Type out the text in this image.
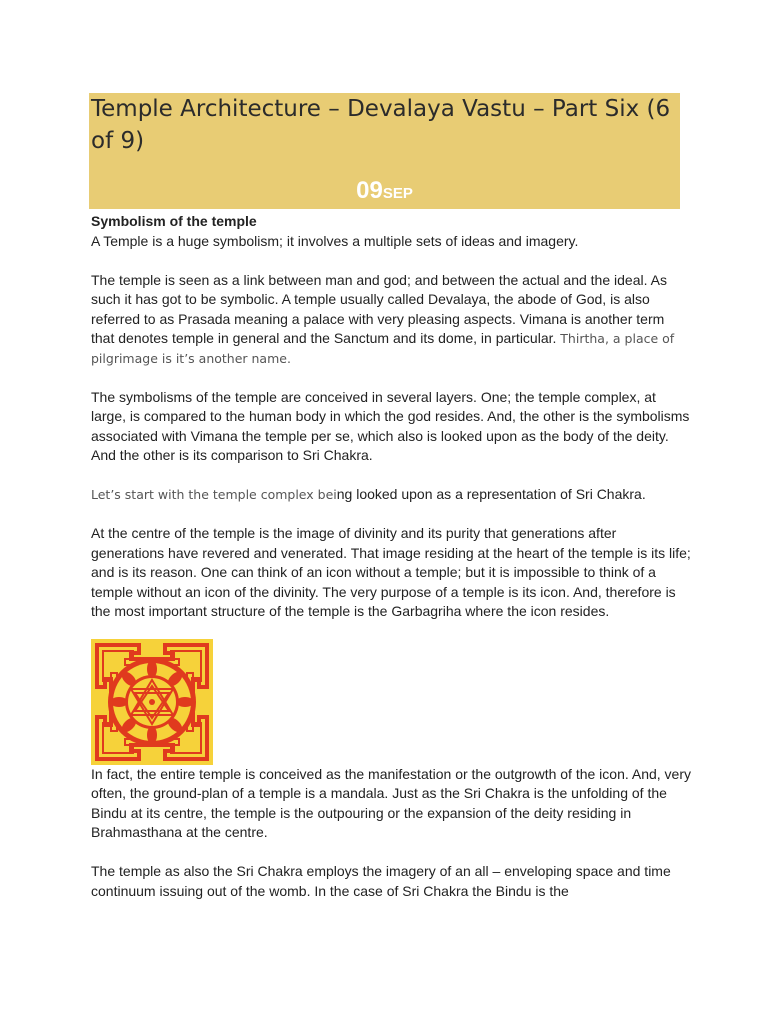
Temple Architecture – Devalaya Vastu – Part Six (6 of 9)
09SEP

Symbolism of the temple

A Temple is a huge symbolism; it involves a multiple sets of ideas and imagery.

The temple is seen as a link between man and god; and between the actual and the ideal. As such it has got to be symbolic. A temple usually called Devalaya, the abode of God, is also referred to as Prasada meaning a palace with very pleasing aspects. Vimana is another term that denotes temple in general and the Sanctum and its dome, in particular. Thirtha, a place of pilgrimage is it’s another name.

The symbolisms of the temple are conceived in several layers. One; the temple complex, at large, is compared to the human body in which the god resides. And, the other is the symbolisms associated with Vimana the temple per se, which also is looked upon as the body of the deity. And the other is its comparison to Sri Chakra.

Let’s start with the temple complex being looked upon as a representation of Sri Chakra.

At the centre of the temple is the image of divinity and its purity that generations after generations have revered and venerated. That image residing at the heart of the temple is its life; and is its reason. One can think of an icon without a temple; but it is impossible to think of a temple without an icon of the divinity. The very purpose of a temple is its icon. And, therefore is the most important structure of the temple is the Garbagriha where the icon resides.

In fact, the entire temple is conceived as the manifestation or the outgrowth of the icon. And, very often, the ground-plan of a temple is a mandala. Just as the Sri Chakra is the unfolding of the Bindu at its centre, the temple is the outpouring or the expansion of the deity residing in Brahmasthana at the centre.

The temple as also the Sri Chakra employs the imagery of an all – enveloping space and time continuum issuing out of the womb. In the case of Sri Chakra the Bindu is the
